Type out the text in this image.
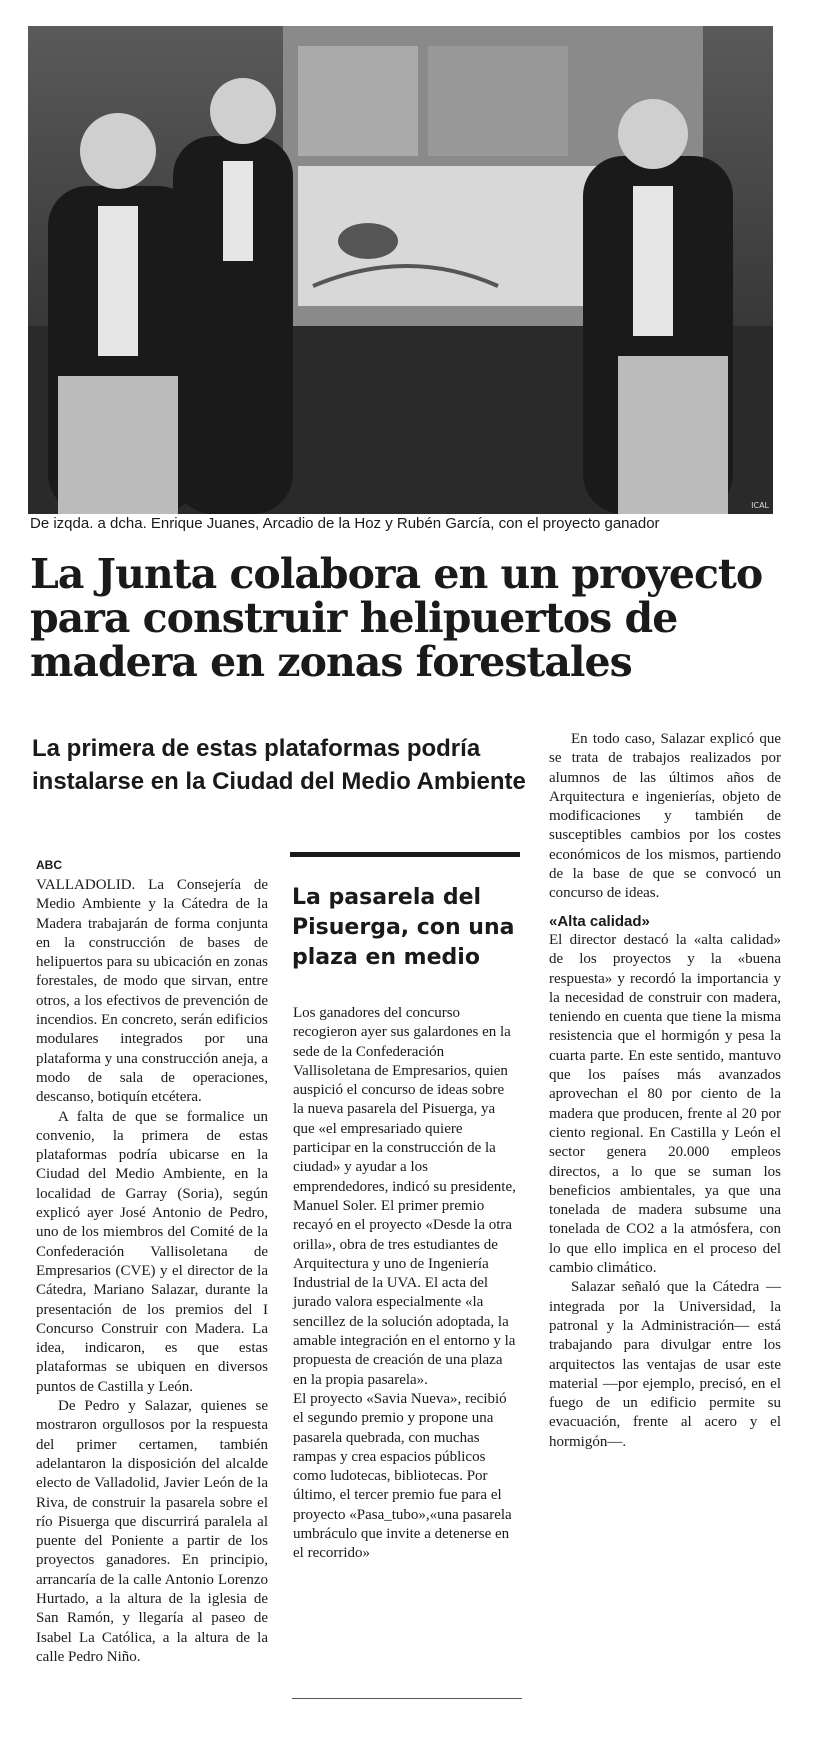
ICAL
De izqda. a dcha. Enrique Juanes, Arcadio de la Hoz y Rubén García, con el proyecto ganador
La Junta colabora en un proyecto para construir helipuertos de madera en zonas forestales
La primera de estas plataformas podría instalarse en la Ciudad del Medio Ambiente
ABC

VALLADOLID. La Consejería de Medio Ambiente y la Cátedra de la Madera trabajarán de forma conjunta en la construcción de bases de helipuertos para su ubicación en zonas forestales, de modo que sirvan, entre otros, a los efectivos de prevención de incendios. En concreto, serán edificios modulares integrados por una plataforma y una construcción aneja, a modo de sala de operaciones, descanso, botiquín etcétera.

A falta de que se formalice un convenio, la primera de estas plataformas podría ubicarse en la Ciudad del Medio Ambiente, en la localidad de Garray (Soria), según explicó ayer José Antonio de Pedro, uno de los miembros del Comité de la Confederación Vallisoletana de Empresarios (CVE) y el director de la Cátedra, Mariano Salazar, durante la presentación de los premios del I Concurso Construir con Madera. La idea, indicaron, es que estas plataformas se ubiquen en diversos puntos de Castilla y León.

De Pedro y Salazar, quienes se mostraron orgullosos por la respuesta del primer certamen, también adelantaron la disposición del alcalde electo de Valladolid, Javier León de la Riva, de construir la pasarela sobre el río Pisuerga que discurrirá paralela al puente del Poniente a partir de los proyectos ganadores. En principio, arrancaría de la calle Antonio Lorenzo Hurtado, a la altura de la iglesia de San Ramón, y llegaría al paseo de Isabel La Católica, a la altura de la calle Pedro Niño.

La pasarela del Pisuerga, con una plaza en medio

Los ganadores del concurso recogieron ayer sus galardones en la sede de la Confederación Vallisoletana de Empresarios, quien auspició el concurso de ideas sobre la nueva pasarela del Pisuerga, ya que «el empresariado quiere participar en la construcción de la ciudad» y ayudar a los emprendedores, indicó su presidente, Manuel Soler. El primer premio recayó en el proyecto «Desde la otra orilla», obra de tres estudiantes de Arquitectura y uno de Ingeniería Industrial de la UVA. El acta del jurado valora especialmente «la sencillez de la solución adoptada, la amable integración en el entorno y la propuesta de creación de una plaza en la propia pasarela».

El proyecto «Savia Nueva», recibió el segundo premio y propone una pasarela quebrada, con muchas rampas y crea espacios públicos como ludotecas, bibliotecas. Por último, el tercer premio fue para el proyecto «Pasa_tubo»,«una pasarela umbráculo que invite a detenerse en el recorrido»

En todo caso, Salazar explicó que se trata de trabajos realizados por alumnos de las últimos años de Arquitectura e ingenierías, objeto de modificaciones y también de susceptibles cambios por los costes económicos de los mismos, partiendo de la base de que se convocó un concurso de ideas.

«Alta calidad»

El director destacó la «alta calidad» de los proyectos y la «buena respuesta» y recordó la importancia y la necesidad de construir con madera, teniendo en cuenta que tiene la misma resistencia que el hormigón y pesa la cuarta parte. En este sentido, mantuvo que los países más avanzados aprovechan el 80 por ciento de la madera que producen, frente al 20 por ciento regional. En Castilla y León el sector genera 20.000 empleos directos, a lo que se suman los beneficios ambientales, ya que una tonelada de madera subsume una tonelada de CO2 a la atmósfera, con lo que ello implica en el proceso del cambio climático.

Salazar señaló que la Cátedra —integrada por la Universidad, la patronal y la Administración— está trabajando para divulgar entre los arquitectos las ventajas de usar este material —por ejemplo, precisó, en el fuego de un edificio permite su evacuación, frente al acero y el hormigón—.
